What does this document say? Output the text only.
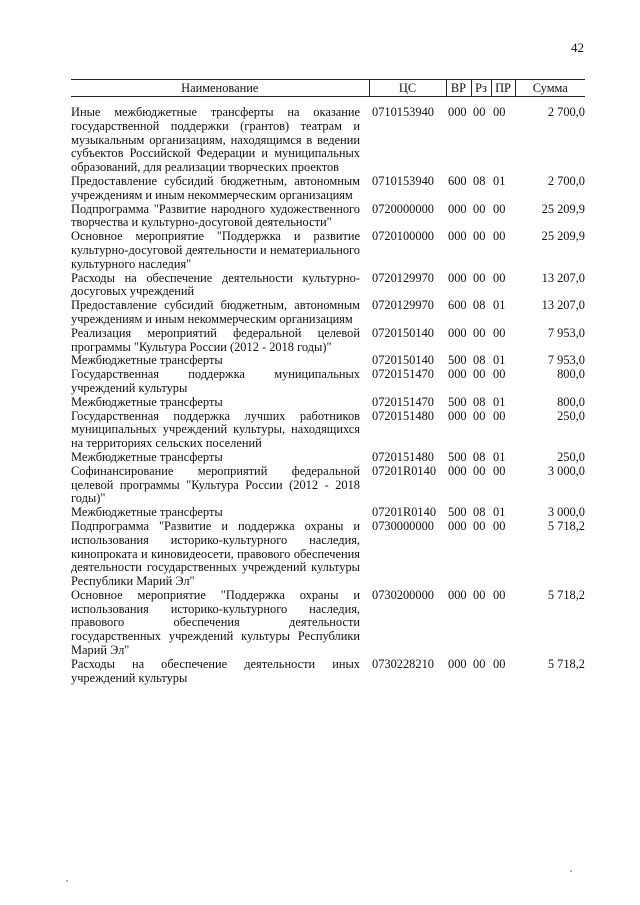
42
Наименование	ЦС	ВР	Рз	ПР	Сумма
Иные межбюджетные трансферты на оказание государственной поддержки (грантов) театрам и музыкальным организациям, находящимся в ведении субъектов Российской Федерации и муниципальных образований, для реализации творческих проектов	0710153940	000	00	00	2 700,0
Предоставление субсидий бюджетным, автономным учреждениям и иным некоммерческим организациям	0710153940	600	08	01	2 700,0
Подпрограмма "Развитие народного художественного творчества и культурно-досуговой деятельности"	0720000000	000	00	00	25 209,9
Основное мероприятие "Поддержка и развитие культурно-досуговой деятельности и нематериального культурного наследия"	0720100000	000	00	00	25 209,9
Расходы на обеспечение деятельности культурно-досуговых учреждений	0720129970	000	00	00	13 207,0
Предоставление субсидий бюджетным, автономным учреждениям и иным некоммерческим организациям	0720129970	600	08	01	13 207,0
Реализация мероприятий федеральной целевой программы "Культура России (2012 - 2018 годы)"	0720150140	000	00	00	7 953,0
Межбюджетные трансферты	0720150140	500	08	01	7 953,0
Государственная поддержка муниципальных учреждений культуры	0720151470	000	00	00	800,0
Межбюджетные трансферты	0720151470	500	08	01	800,0
Государственная поддержка лучших работников муниципальных учреждений культуры, находящихся на территориях сельских поселений	0720151480	000	00	00	250,0
Межбюджетные трансферты	0720151480	500	08	01	250,0
Софинансирование мероприятий федеральной целевой программы "Культура России (2012 - 2018 годы)"	07201R0140	000	00	00	3 000,0
Межбюджетные трансферты	07201R0140	500	08	01	3 000,0
Подпрограмма "Развитие и поддержка охраны и использования историко-культурного наследия, кинопроката и киновидеосети, правового обеспечения деятельности государственных учреждений культуры Республики Марий Эл"	0730000000	000	00	00	5 718,2
Основное мероприятие "Поддержка охраны и использования историко-культурного наследия, правового обеспечения деятельности государственных учреждений культуры Республики Марий Эл"	0730200000	000	00	00	5 718,2
Расходы на обеспечение деятельности иных учреждений культуры	0730228210	000	00	00	5 718,2
